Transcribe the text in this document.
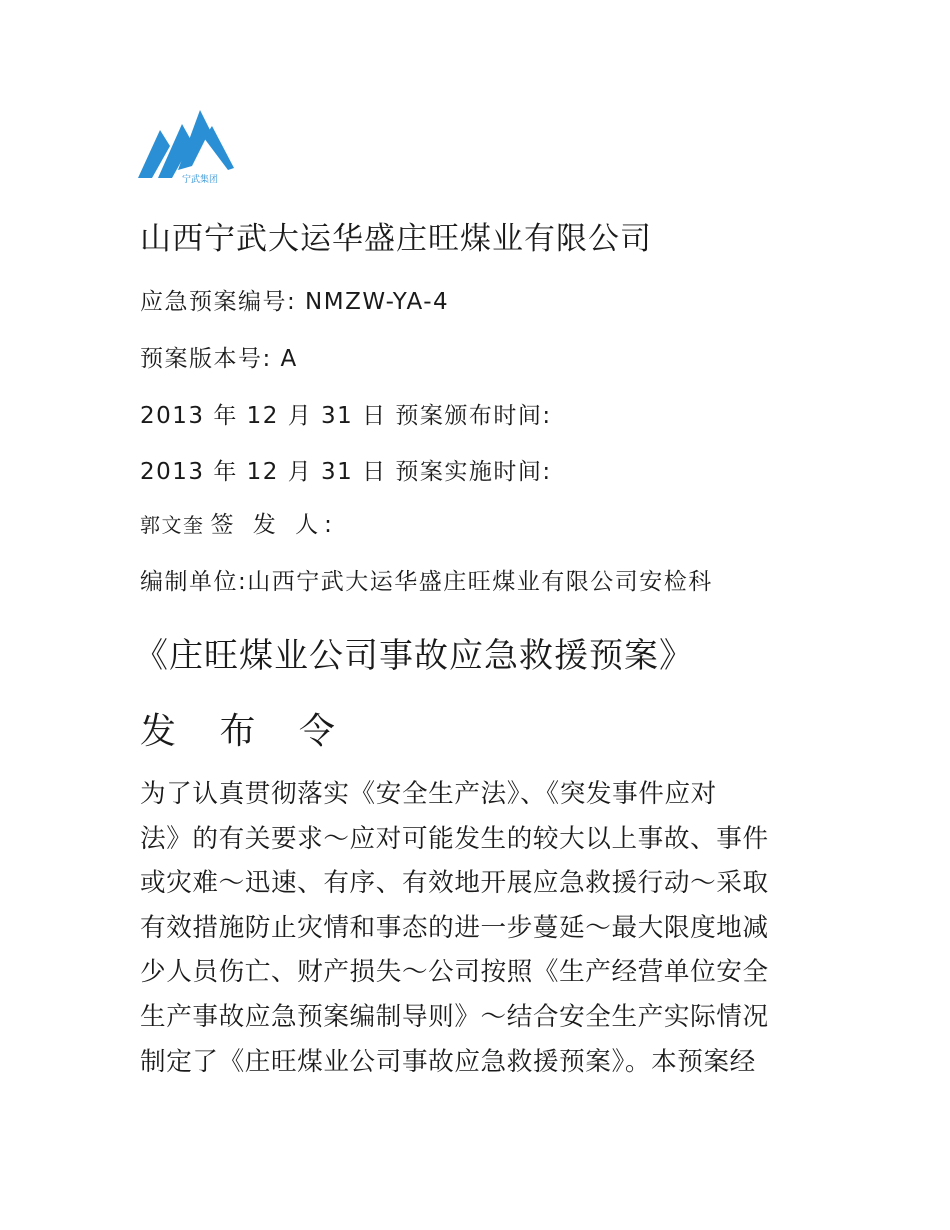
宁武集团
山西宁武大运华盛庄旺煤业有限公司
应急预案编号: NMZW-YA-4
预案版本号: A
2013 年 12 月 31 日 预案颁布时间:
2013 年 12 月 31 日 预案实施时间:
郭文奎 签 发 人:
编制单位:山西宁武大运华盛庄旺煤业有限公司安检科
《庄旺煤业公司事故应急救援预案》
发 布 令
为了认真贯彻落实《安全生产法》、《突发事件应对
法》的有关要求～应对可能发生的较大以上事故、事件
或灾难～迅速、有序、有效地开展应急救援行动～采取
有效措施防止灾情和事态的进一步蔓延～最大限度地减
少人员伤亡、财产损失～公司按照《生产经营单位安全
生产事故应急预案编制导则》～结合安全生产实际情况
制定了《庄旺煤业公司事故应急救援预案》。本预案经
